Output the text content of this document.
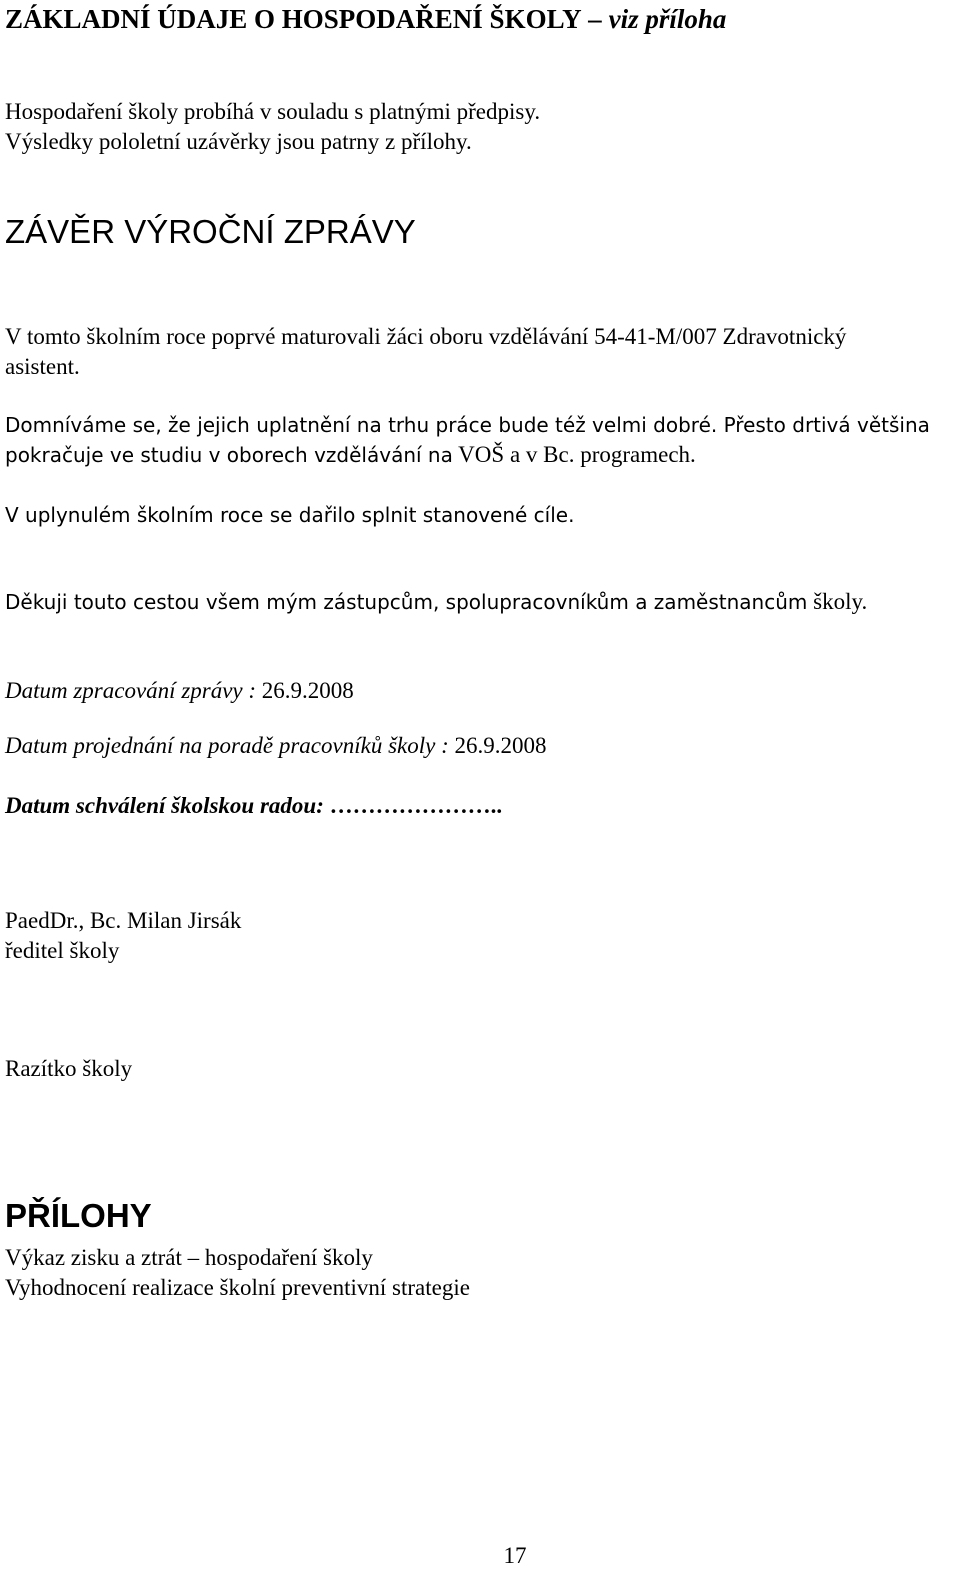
ZÁKLADNÍ ÚDAJE O HOSPODAŘENÍ ŠKOLY – viz příloha

Hospodaření školy probíhá v souladu s platnými předpisy.

Výsledky pololetní uzávěrky jsou patrny z přílohy.

ZÁVĚR VÝROČNÍ ZPRÁVY

V tomto školním roce poprvé maturovali žáci oboru vzdělávání 54-41-M/007 Zdravotnický

asistent.

Domníváme se, že jejich uplatnění na trhu práce bude též velmi dobré. Přesto drtivá většina

pokračuje ve studiu v oborech vzdělávání na VOŠ a v Bc. programech.

V uplynulém školním roce se dařilo splnit stanovené cíle.

Děkuji touto cestou všem mým zástupcům, spolupracovníkům a zaměstnancům školy.

Datum zpracování zprávy : 26.9.2008

Datum projednání na poradě pracovníků školy : 26.9.2008

Datum schválení školskou radou: …………………..

PaedDr., Bc. Milan Jirsák

ředitel školy

Razítko školy

PŘÍLOHY

Výkaz zisku a ztrát – hospodaření školy

Vyhodnocení realizace školní preventivní strategie

17
